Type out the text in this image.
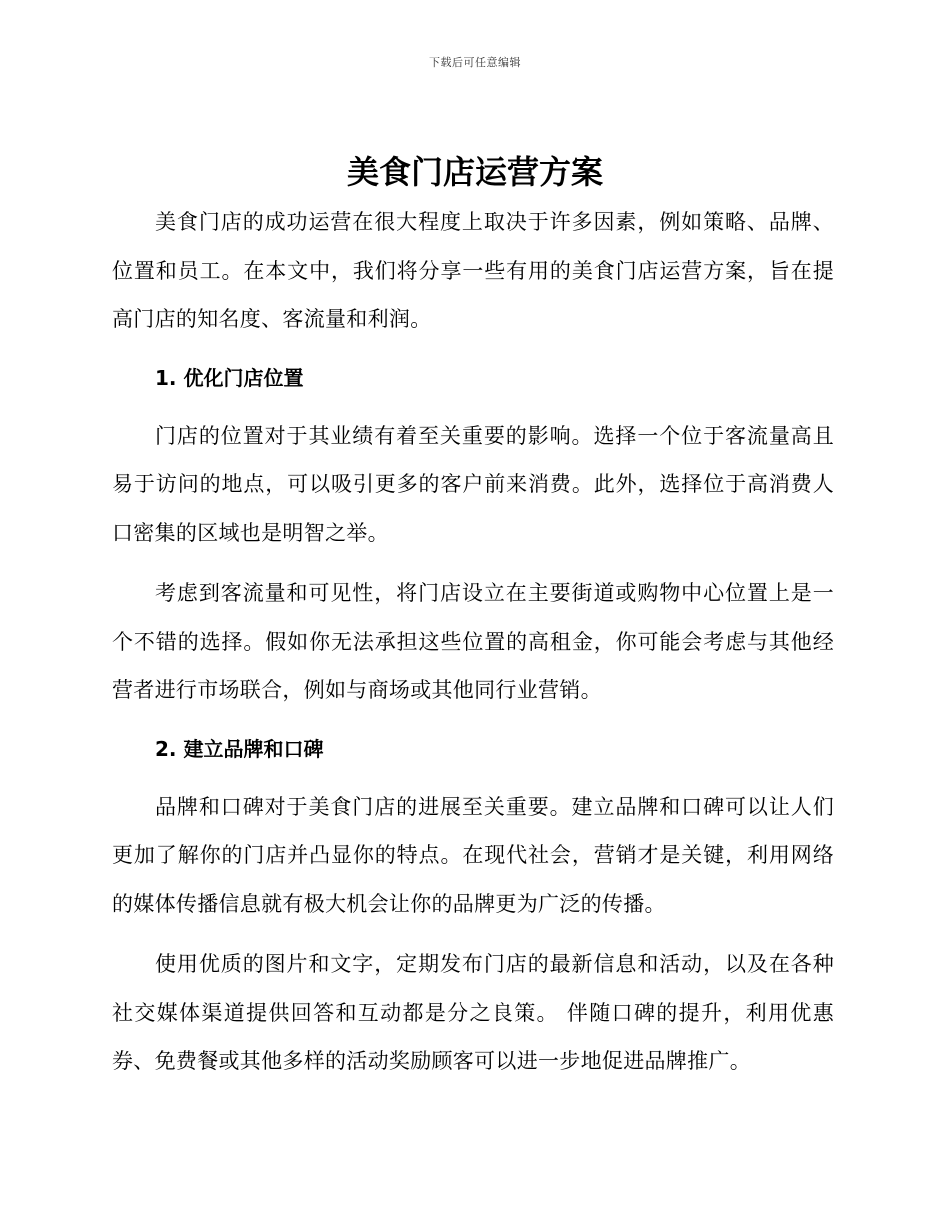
下载后可任意编辑
美食门店运营方案

美食门店的成功运营在很大程度上取决于许多因素，例如策略、品牌、位置和员工。在本文中，我们将分享一些有用的美食门店运营方案，旨在提高门店的知名度、客流量和利润。

1. 优化门店位置

门店的位置对于其业绩有着至关重要的影响。选择一个位于客流量高且易于访问的地点，可以吸引更多的客户前来消费。此外，选择位于高消费人口密集的区域也是明智之举。

考虑到客流量和可见性，将门店设立在主要街道或购物中心位置上是一个不错的选择。假如你无法承担这些位置的高租金，你可能会考虑与其他经营者进行市场联合，例如与商场或其他同行业营销。

2. 建立品牌和口碑

品牌和口碑对于美食门店的进展至关重要。建立品牌和口碑可以让人们更加了解你的门店并凸显你的特点。在现代社会，营销才是关键，利用网络的媒体传播信息就有极大机会让你的品牌更为广泛的传播。

使用优质的图片和文字，定期发布门店的最新信息和活动，以及在各种社交媒体渠道提供回答和互动都是分之良策。 伴随口碑的提升，利用优惠券、免费餐或其他多样的活动奖励顾客可以进一步地促进品牌推广。
